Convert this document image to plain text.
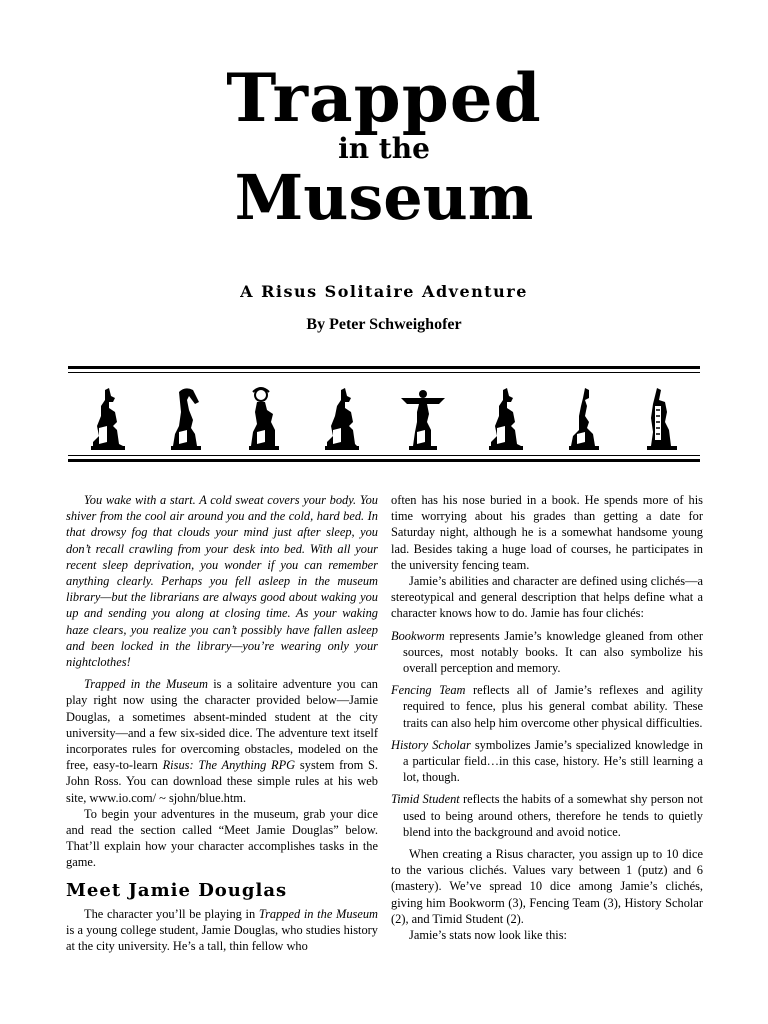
Trapped
in the
Museum
A Risus Solitaire Adventure
By Peter Schweighofer

You wake with a start. A cold sweat covers your body. You shiver from the cool air around you and the cold, hard bed. In that drowsy fog that clouds your mind just after sleep, you don’t recall crawling from your desk into bed. With all your recent sleep deprivation, you wonder if you can remember anything clearly. Perhaps you fell asleep in the museum library—but the librarians are always good about waking you up and sending you along at closing time. As your waking haze clears, you realize you can’t possibly have fallen asleep and been locked in the library—you’re wearing only your nightclothes!

Trapped in the Museum is a solitaire adventure you can play right now using the character provided below—Jamie Douglas, a sometimes absent-minded student at the city university—and a few six-sided dice. The adventure text itself incorporates rules for overcoming obstacles, modeled on the free, easy-to-learn Risus: The Anything RPG system from S. John Ross. You can download these simple rules at his web site, www.io.com/ ~ sjohn/blue.htm.

To begin your adventures in the museum, grab your dice and read the section called “Meet Jamie Douglas” below. That’ll explain how your character accomplishes tasks in the game.

Meet Jamie Douglas

The character you’ll be playing in Trapped in the Museum is a young college student, Jamie Douglas, who studies history at the city university. He’s a tall, thin fellow who

often has his nose buried in a book. He spends more of his time worrying about his grades than getting a date for Saturday night, although he is a somewhat handsome young lad. Besides taking a huge load of courses, he participates in the university fencing team.

Jamie’s abilities and character are defined using clichés—a stereotypical and general description that helps define what a character knows how to do. Jamie has four clichés:

Bookworm represents Jamie’s knowledge gleaned from other sources, most notably books. It can also symbolize his overall perception and memory.

Fencing Team reflects all of Jamie’s reflexes and agility required to fence, plus his general combat ability. These traits can also help him overcome other physical difficulties.

History Scholar symbolizes Jamie’s specialized knowledge in a particular field…in this case, history. He’s still learning a lot, though.

Timid Student reflects the habits of a somewhat shy person not used to being around others, therefore he tends to quietly blend into the background and avoid notice.

When creating a Risus character, you assign up to 10 dice to the various clichés. Values vary between 1 (putz) and 6 (mastery). We’ve spread 10 dice among Jamie’s clichés, giving him Bookworm (3), Fencing Team (3), History Scholar (2), and Timid Student (2).

Jamie’s stats now look like this:
